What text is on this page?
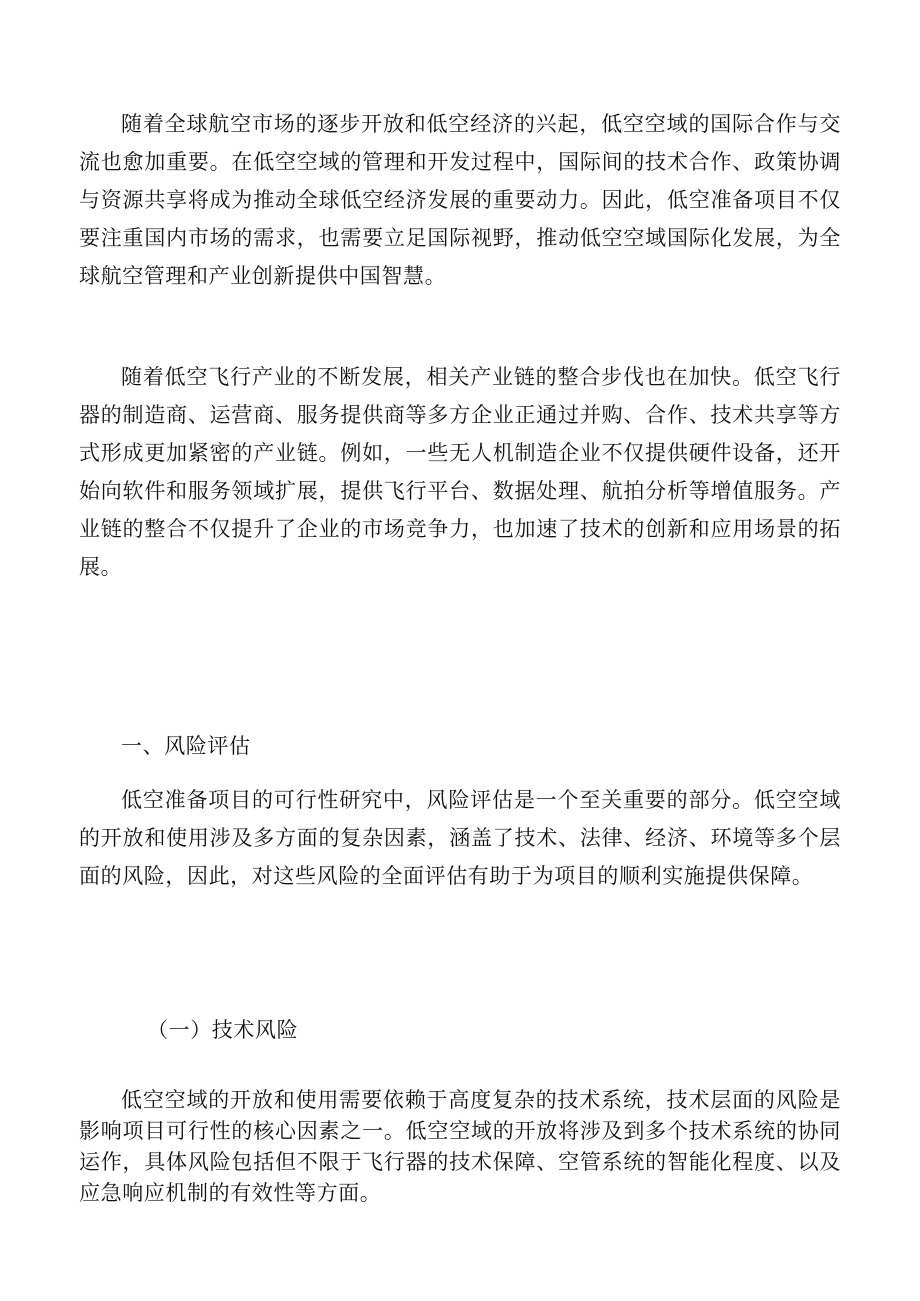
随着全球航空市场的逐步开放和低空经济的兴起，低空空域的国际合作与交流也愈加重要。在低空空域的管理和开发过程中，国际间的技术合作、政策协调与资源共享将成为推动全球低空经济发展的重要动力。因此，低空准备项目不仅要注重国内市场的需求，也需要立足国际视野，推动低空空域国际化发展，为全球航空管理和产业创新提供中国智慧。

随着低空飞行产业的不断发展，相关产业链的整合步伐也在加快。低空飞行器的制造商、运营商、服务提供商等多方企业正通过并购、合作、技术共享等方式形成更加紧密的产业链。例如，一些无人机制造企业不仅提供硬件设备，还开始向软件和服务领域扩展，提供飞行平台、数据处理、航拍分析等增值服务。产业链的整合不仅提升了企业的市场竞争力，也加速了技术的创新和应用场景的拓展。

一、风险评估

低空准备项目的可行性研究中，风险评估是一个至关重要的部分。低空空域的开放和使用涉及多方面的复杂因素，涵盖了技术、法律、经济、环境等多个层面的风险，因此，对这些风险的全面评估有助于为项目的顺利实施提供保障。

（一）技术风险

低空空域的开放和使用需要依赖于高度复杂的技术系统，技术层面的风险是影响项目可行性的核心因素之一。低空空域的开放将涉及到多个技术系统的协同运作，具体风险包括但不限于飞行器的技术保障、空管系统的智能化程度、以及应急响应机制的有效性等方面。
